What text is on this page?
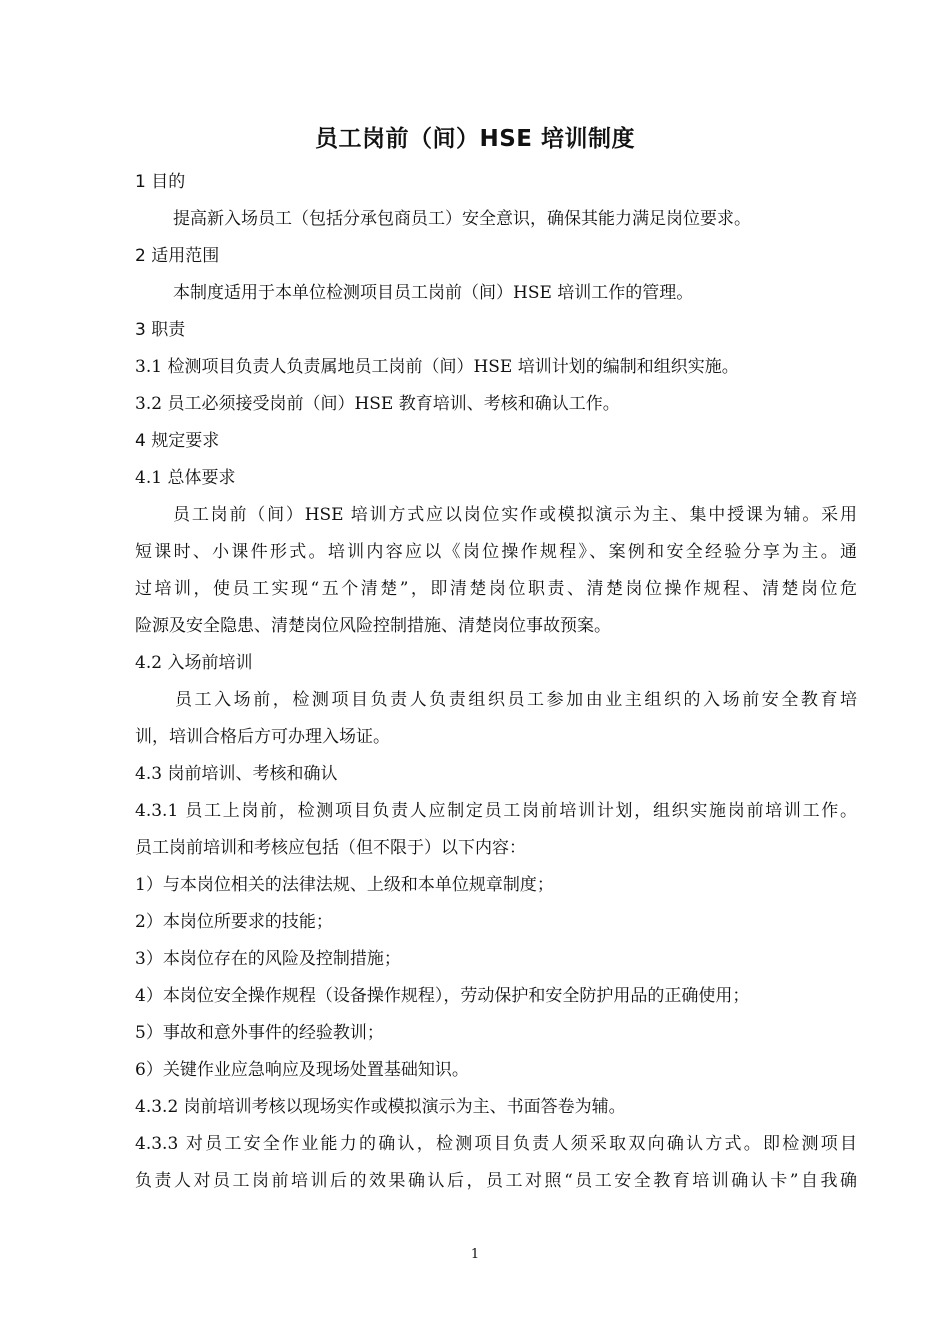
员工岗前（间）HSE 培训制度
1 目的
提高新入场员工（包括分承包商员工）安全意识，确保其能力满足岗位要求。
2 适用范围
本制度适用于本单位检测项目员工岗前（间）HSE 培训工作的管理。
3 职责
3.1 检测项目负责人负责属地员工岗前（间）HSE 培训计划的编制和组织实施。
3.2 员工必须接受岗前（间）HSE 教育培训、考核和确认工作。
4 规定要求
4.1 总体要求
员工岗前（间）HSE 培训方式应以岗位实作或模拟演示为主、集中授课为辅。采用
短课时、小课件形式。培训内容应以《岗位操作规程》、案例和安全经验分享为主。通
过培训，使员工实现“五个清楚”，即清楚岗位职责、清楚岗位操作规程、清楚岗位危
险源及安全隐患、清楚岗位风险控制措施、清楚岗位事故预案。
4.2 入场前培训
员工入场前，检测项目负责人负责组织员工参加由业主组织的入场前安全教育培
训，培训合格后方可办理入场证。
4.3 岗前培训、考核和确认
4.3.1 员工上岗前，检测项目负责人应制定员工岗前培训计划，组织实施岗前培训工作。
员工岗前培训和考核应包括（但不限于）以下内容：
1）与本岗位相关的法律法规、上级和本单位规章制度；
2）本岗位所要求的技能；
3）本岗位存在的风险及控制措施；
4）本岗位安全操作规程（设备操作规程），劳动保护和安全防护用品的正确使用；
5）事故和意外事件的经验教训；
6）关键作业应急响应及现场处置基础知识。
4.3.2 岗前培训考核以现场实作或模拟演示为主、书面答卷为辅。
4.3.3 对员工安全作业能力的确认，检测项目负责人须采取双向确认方式。即检测项目
负责人对员工岗前培训后的效果确认后，员工对照“员工安全教育培训确认卡”自我确
1
